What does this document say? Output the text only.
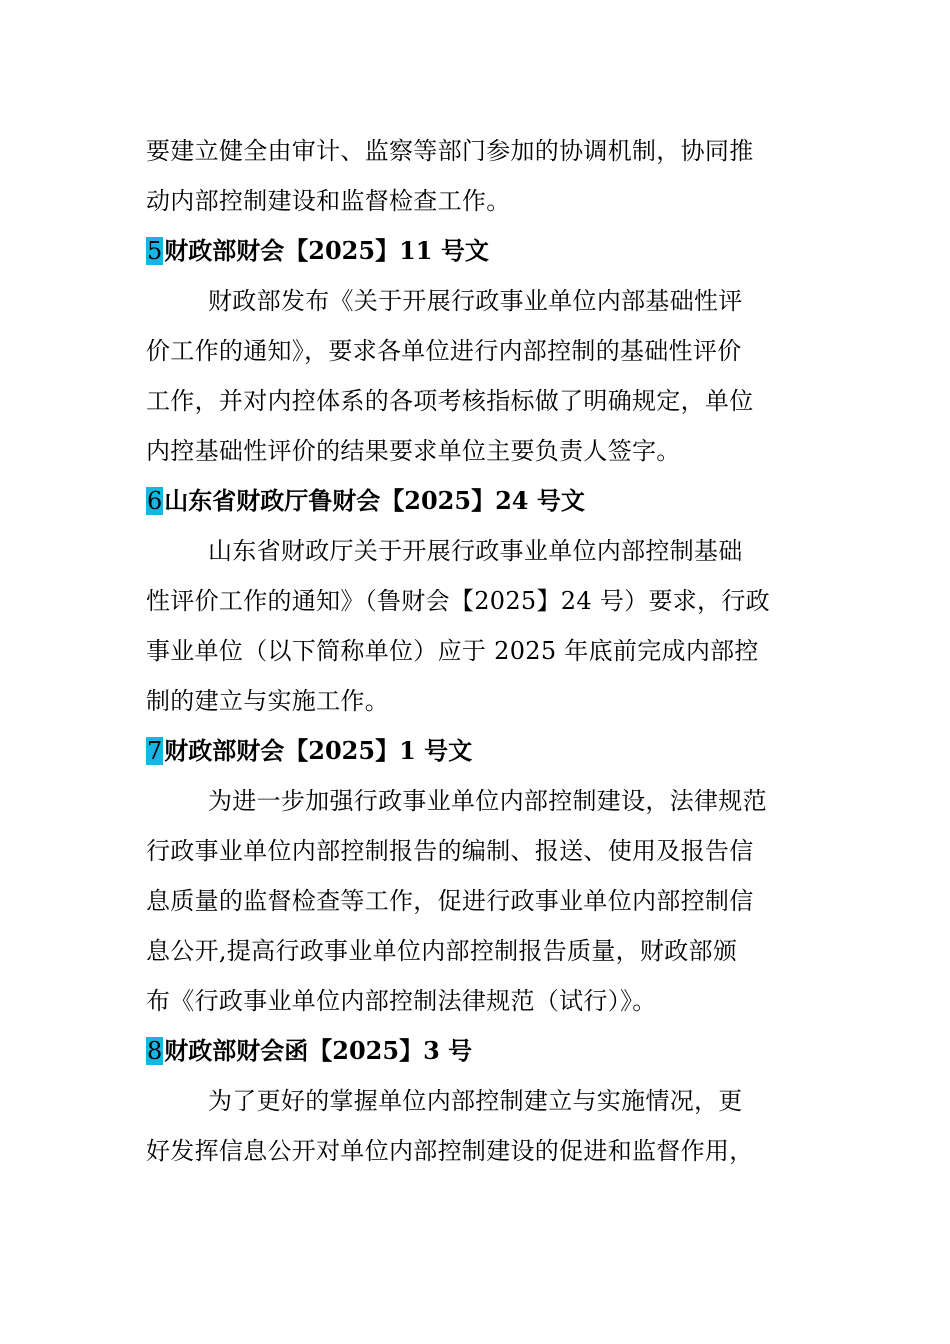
要建立健全由审计、监察等部门参加的协调机制，协同推
动内部控制建设和监督检查工作。

5财政部财会【2025】11 号文

财政部发布《关于开展行政事业单位内部基础性评
价工作的通知》，要求各单位进行内部控制的基础性评价
工作，并对内控体系的各项考核指标做了明确规定，单位
内控基础性评价的结果要求单位主要负责人签字。

6山东省财政厅鲁财会【2025】24 号文

山东省财政厅关于开展行政事业单位内部控制基础
性评价工作的通知》（鲁财会【2025】24 号）要求，行政
事业单位（以下简称单位）应于 2025 年底前完成内部控
制的建立与实施工作。

7财政部财会【2025】1 号文

为进一步加强行政事业单位内部控制建设，法律规范
行政事业单位内部控制报告的编制、报送、使用及报告信
息质量的监督检查等工作，促进行政事业单位内部控制信
息公开,提高行政事业单位内部控制报告质量，财政部颁
布《行政事业单位内部控制法律规范（试行）》。

8财政部财会函【2025】3 号

为了更好的掌握单位内部控制建立与实施情况，更
好发挥信息公开对单位内部控制建设的促进和监督作用，
